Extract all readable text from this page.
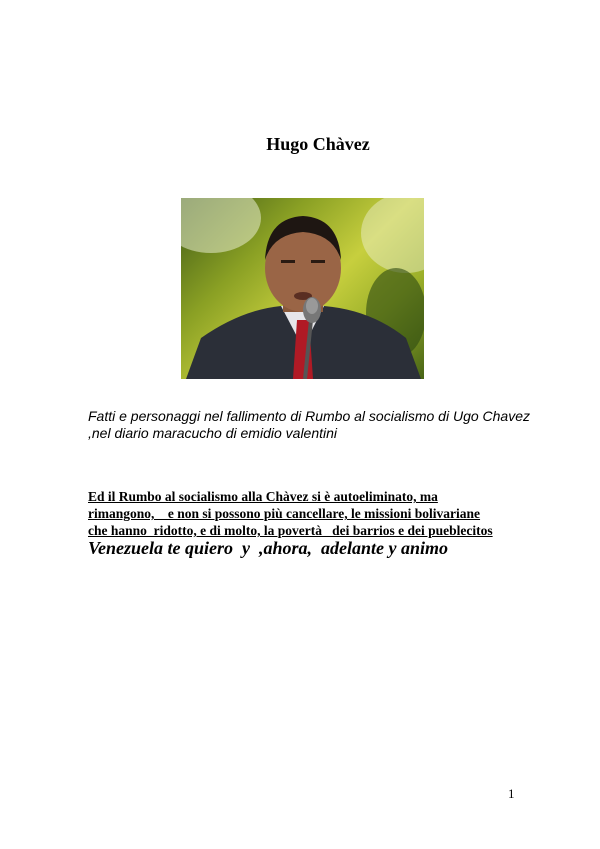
Hugo Chàvez
Fatti e personaggi nel fallimento di Rumbo al socialismo di Ugo Chavez ,nel diario maracucho di emidio valentini
Ed il Rumbo al socialismo alla Chàvez si è autoeliminato, ma
rimangono,    e non si possono più cancellare, le missioni bolivariane
che hanno  ridotto, e di molto, la povertà   dei barrios e dei pueblecitos
Venezuela te quiero  y  ,ahora,  adelante y animo
1
